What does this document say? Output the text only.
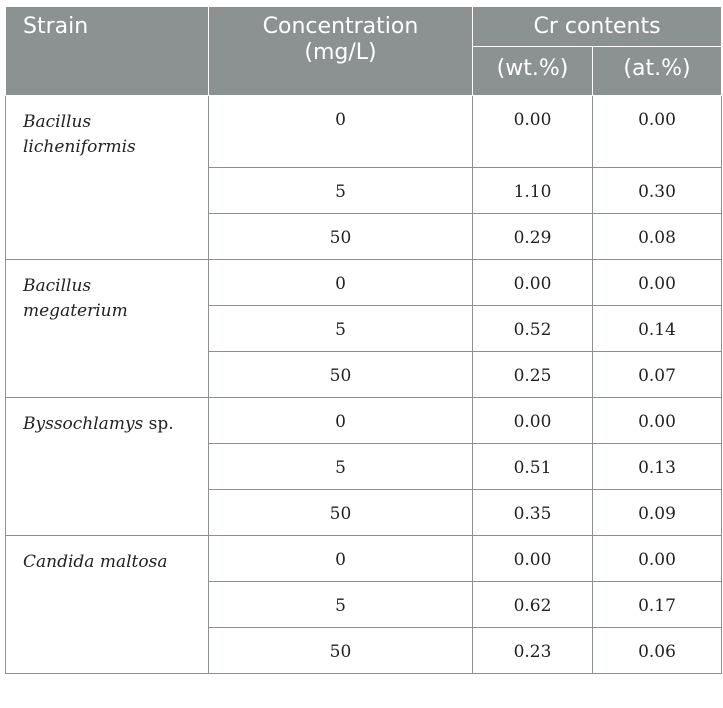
Strain	Concentration (mg/L)	Cr contents	
		(wt.%)	(at.%)
Bacillus licheniformis	0	0.00	0.00
	5	1.10	0.30
	50	0.29	0.08
Bacillus megaterium	0	0.00	0.00
	5	0.52	0.14
	50	0.25	0.07
Byssochlamys sp.	0	0.00	0.00
	5	0.51	0.13
	50	0.35	0.09
Candida maltosa	0	0.00	0.00
	5	0.62	0.17
	50	0.23	0.06
